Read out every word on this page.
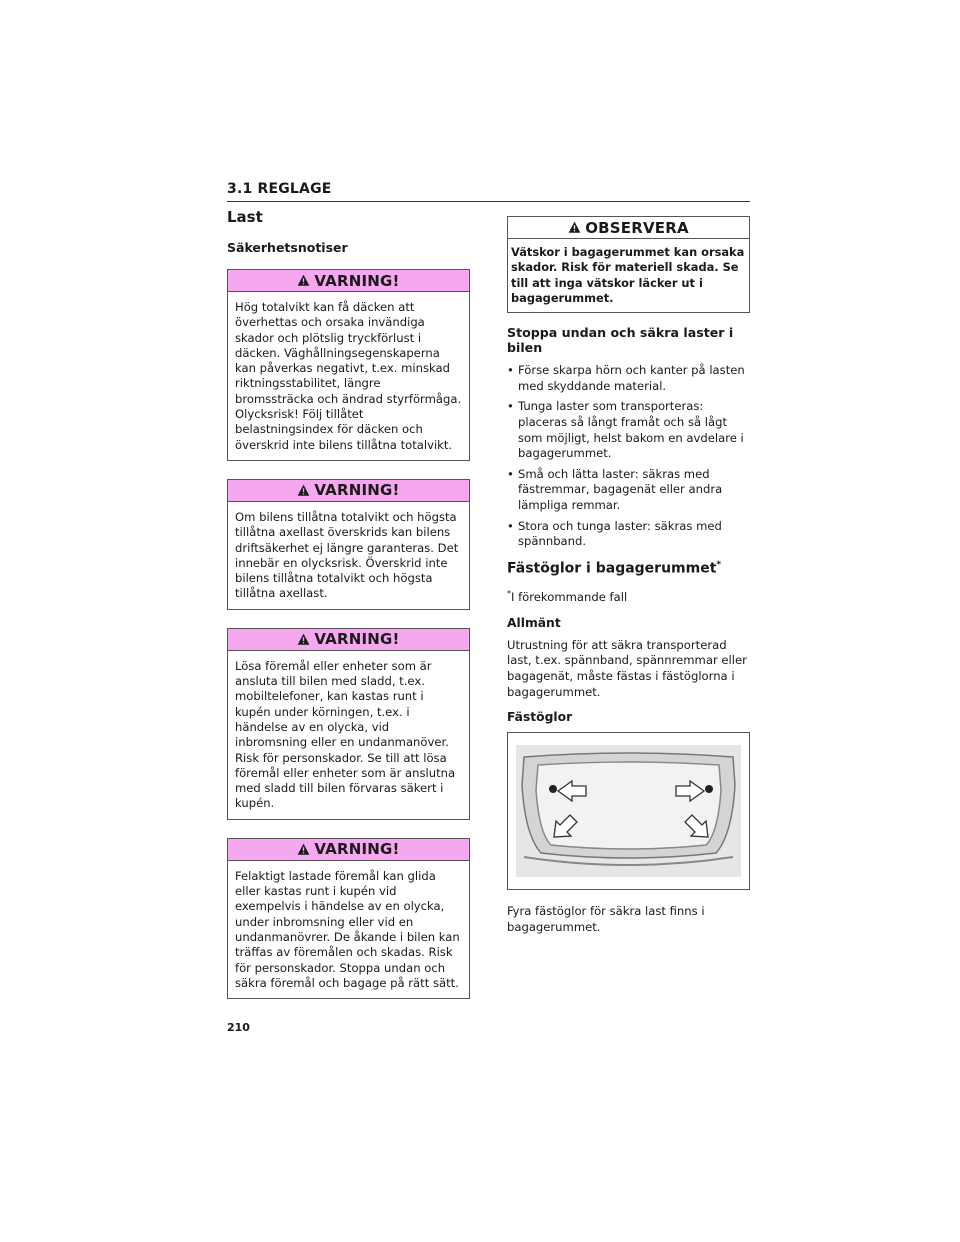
3.1 REGLAGE
Last
Säkerhetsnotiser
VARNING!
Hög totalvikt kan få däcken att överhettas och orsaka invändiga skador och plötslig tryckförlust i däcken. Väghållningsegenskaperna kan påverkas negativt, t.ex. minskad riktningsstabilitet, längre bromssträcka och ändrad styrförmåga. Olycksrisk! Följ tillåtet belastningsindex för däcken och överskrid inte bilens tillåtna totalvikt.
VARNING!
Om bilens tillåtna totalvikt och högsta tillåtna axellast överskrids kan bilens driftsäkerhet ej längre garanteras. Det innebär en olycksrisk. Överskrid inte bilens tillåtna totalvikt och högsta tillåtna axellast.
VARNING!
Lösa föremål eller enheter som är ansluta till bilen med sladd, t.ex. mobiltelefoner, kan kastas runt i kupén under körningen, t.ex. i händelse av en olycka, vid inbromsning eller en undanmanöver. Risk för personskador. Se till att lösa föremål eller enheter som är anslutna med sladd till bilen förvaras säkert i kupén.
VARNING!
Felaktigt lastade föremål kan glida eller kastas runt i kupén vid exempelvis i händelse av en olycka, under inbromsning eller vid en undanmanövrer. De åkande i bilen kan träffas av föremålen och skadas. Risk för personskador. Stoppa undan och säkra föremål och bagage på rätt sätt.
OBSERVERA
Vätskor i bagagerummet kan orsaka skador. Risk för materiell skada. Se till att inga vätskor läcker ut i bagagerummet.
Stoppa undan och säkra laster i bilen
• Förse skarpa hörn och kanter på lasten med skyddande material.
• Tunga laster som transporteras: placeras så långt framåt och så lågt som möjligt, helst bakom en avdelare i bagagerummet.
• Små och lätta laster: säkras med fästremmar, bagagenät eller andra lämpliga remmar.
• Stora och tunga laster: säkras med spännband.
Fästöglor i bagagerummet*

*I förekommande fall

Allmänt

Utrustning för att säkra transporterad last, t.ex. spännband, spännremmar eller bagagenät, måste fästas i fästöglorna i bagagerummet.

Fästöglor

Fyra fästöglor för säkra last finns i bagagerummet.

210
